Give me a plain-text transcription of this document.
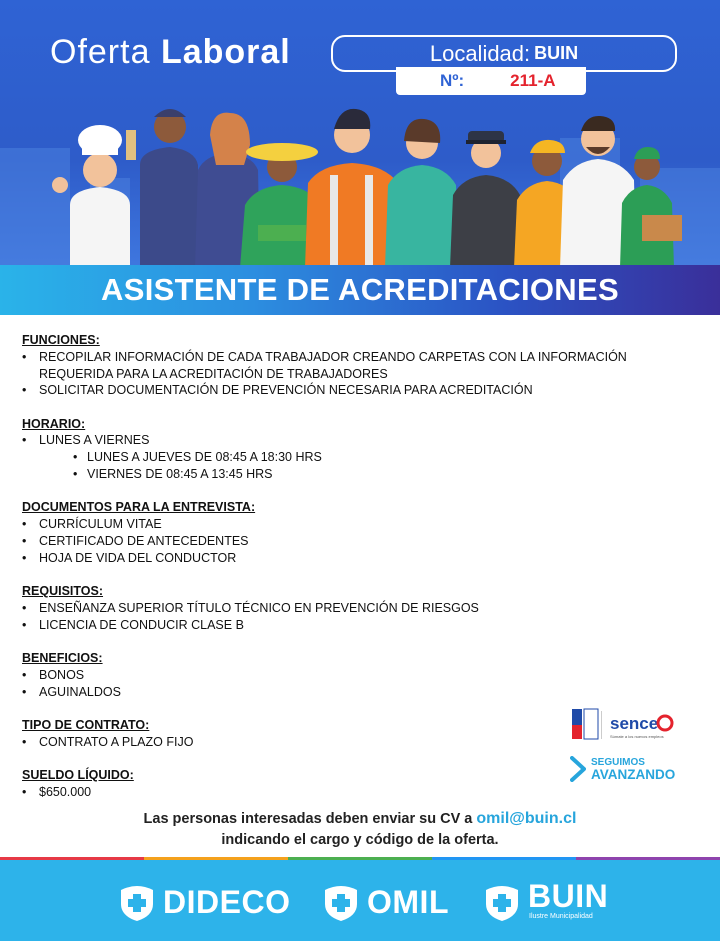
Oferta Laboral	Localidad: BUIN
Nº:	211-A
ASISTENTE DE ACREDITACIONES
FUNCIONES:
• RECOPILAR INFORMACIÓN DE CADA TRABAJADOR CREANDO CARPETAS CON LA INFORMACIÓN REQUERIDA PARA LA ACREDITACIÓN DE TRABAJADORES
• SOLICITAR DOCUMENTACIÓN DE PREVENCIÓN NECESARIA PARA ACREDITACIÓN
HORARIO:
• LUNES A VIERNES
• LUNES A JUEVES DE 08:45 A 18:30 HRS
• VIERNES DE 08:45 A 13:45 HRS
DOCUMENTOS PARA LA ENTREVISTA:
• CURRÍCULUM VITAE
• CERTIFICADO DE ANTECEDENTES
• HOJA DE VIDA DEL CONDUCTOR
REQUISITOS:
• ENSEÑANZA SUPERIOR TÍTULO TÉCNICO EN PREVENCIÓN DE RIESGOS
• LICENCIA DE CONDUCIR CLASE B
BENEFICIOS:
• BONOS
• AGUINALDOS
TIPO DE CONTRATO:
• CONTRATO A PLAZO FIJO
SUELDO LÍQUIDO:
• $650.000
sence
Súmate a los nuevos empleos
SEGUIMOS
AVANZANDO
Las personas interesadas deben enviar su CV a omil@buin.cl
indicando el cargo y código de la oferta.
DIDECO OMIL BUIN
Ilustre Municipalidad
